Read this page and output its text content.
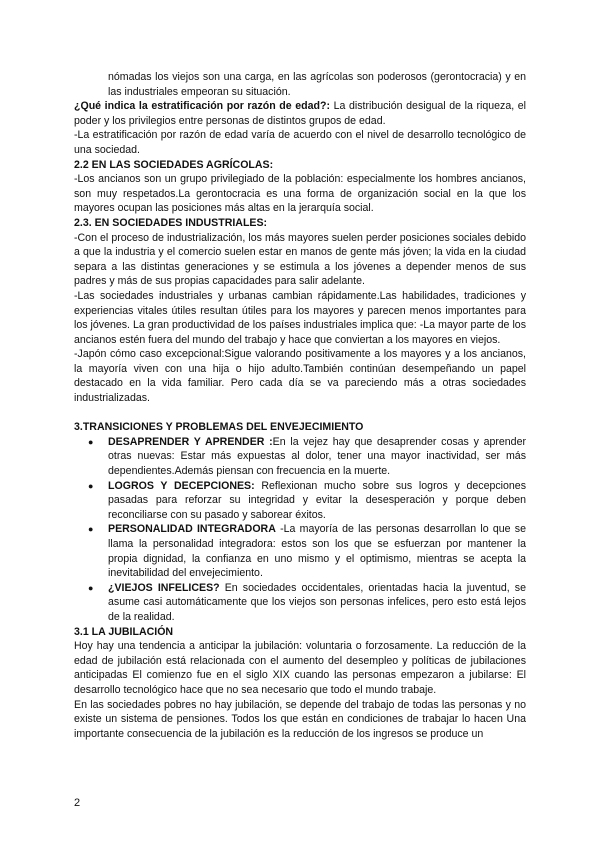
nómadas los viejos son una carga, en las agrícolas son poderosos (gerontocracia) y en las industriales empeoran su situación.

¿Qué indica la estratificación por razón de edad?: La distribución desigual de la riqueza, el poder y los privilegios entre personas de distintos grupos de edad.

-La estratificación por razón de edad varía de acuerdo con el nivel de desarrollo tecnológico de una sociedad.

2.2 EN LAS SOCIEDADES AGRÍCOLAS:

-Los ancianos son un grupo privilegiado de la población: especialmente los hombres ancianos, son muy respetados.La gerontocracia es una forma de organización social en la que los mayores ocupan las posiciones más altas en la jerarquía social.

2.3. EN SOCIEDADES INDUSTRIALES:

-Con el proceso de industrialización, los más mayores suelen perder posiciones sociales debido a que la industria y el comercio suelen estar en manos de gente más jóven; la vida en la ciudad separa a las distintas generaciones y se estimula a los jóvenes a depender menos de sus padres y más de sus propias capacidades para salir adelante.

-Las sociedades industriales y urbanas cambian rápidamente.Las habilidades, tradiciones y experiencias vitales útiles resultan útiles para los mayores y parecen menos importantes para los jóvenes. La gran productividad de los países industriales implica que: -La mayor parte de los ancianos estén fuera del mundo del trabajo y hace que conviertan a los mayores en viejos.

-Japón cómo caso excepcional:Sigue valorando positivamente a los mayores y a los ancianos, la mayoría viven con una hija o hijo adulto.También continúan desempeñando un papel destacado en la vida familiar. Pero cada día se va pareciendo más a otras sociedades industrializadas.

3.TRANSICIONES Y PROBLEMAS DEL ENVEJECIMIENTO

● DESAPRENDER Y APRENDER :En la vejez hay que desaprender cosas y aprender otras nuevas: Estar más expuestas al dolor, tener una mayor inactividad, ser más dependientes.Además piensan con frecuencia en la muerte.
● LOGROS Y DECEPCIONES: Reflexionan mucho sobre sus logros y decepciones pasadas para reforzar su integridad y evitar la desesperación y porque deben reconciliarse con su pasado y saborear éxitos.
● PERSONALIDAD INTEGRADORA -La mayoría de las personas desarrollan lo que se llama la personalidad integradora: estos son los que se esfuerzan por mantener la propia dignidad, la confianza en uno mismo y el optimismo, mientras se acepta la inevitabilidad del envejecimiento.
● ¿VIEJOS INFELICES? En sociedades occidentales, orientadas hacia la juventud, se asume casi automáticamente que los viejos son personas infelices, pero esto está lejos de la realidad.

3.1 LA JUBILACIÓN

Hoy hay una tendencia a anticipar la jubilación: voluntaria o forzosamente. La reducción de la edad de jubilación está relacionada con el aumento del desempleo y políticas de jubilaciones anticipadas El comienzo fue en el siglo XIX cuando las personas empezaron a jubilarse: El desarrollo tecnológico hace que no sea necesario que todo el mundo trabaje.

En las sociedades pobres no hay jubilación, se depende del trabajo de todas las personas y no existe un sistema de pensiones. Todos los que están en condiciones de trabajar lo hacen Una importante consecuencia de la jubilación es la reducción de los ingresos se produce un

2
